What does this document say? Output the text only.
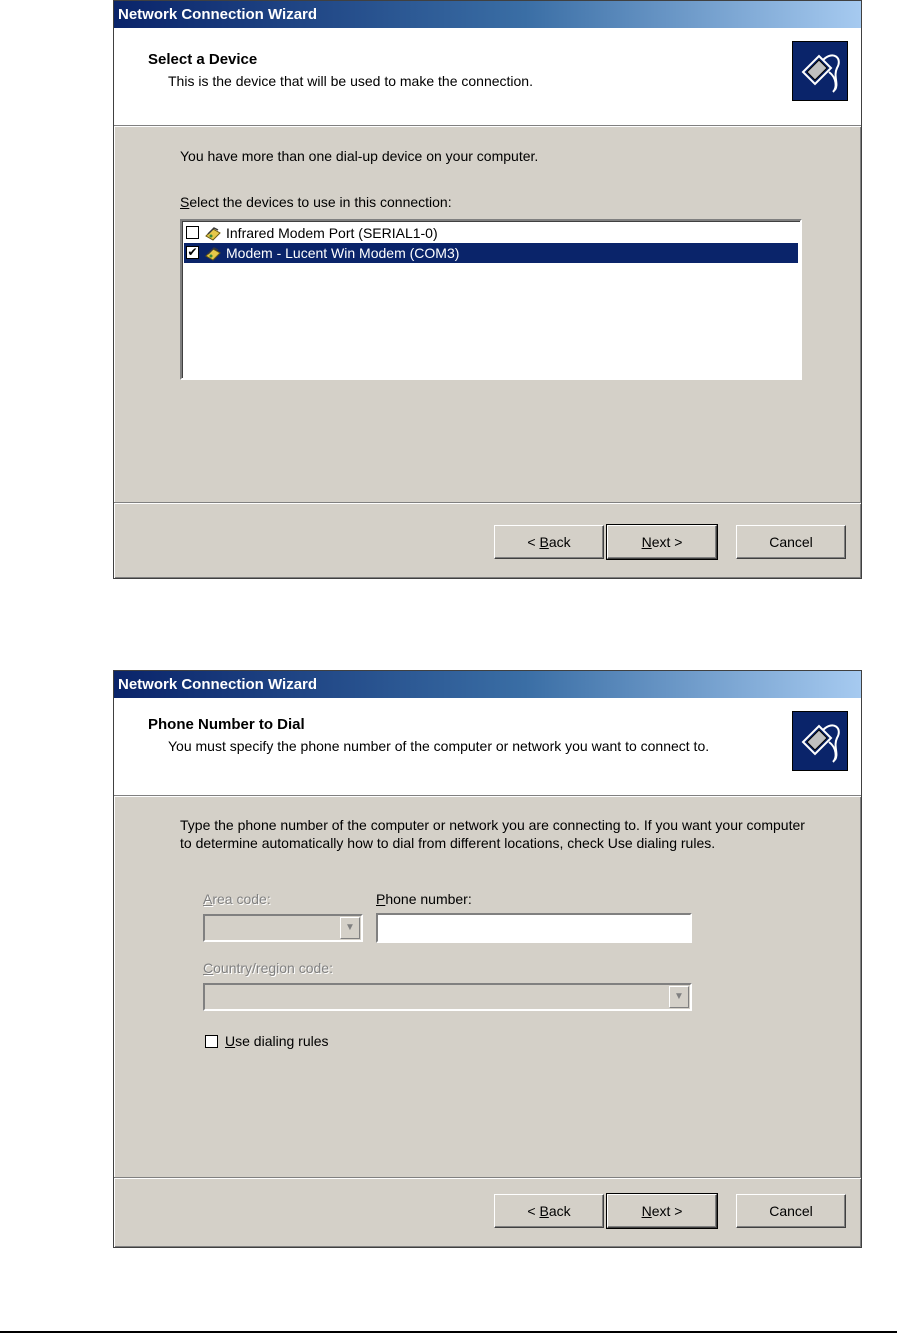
Network Connection Wizard
Select a Device
This is the device that will be used to make the connection.
You have more than one dial-up device on your computer.
Select the devices to use in this connection:
Infrared Modem Port (SERIAL1-0)
✔ Modem - Lucent Win Modem (COM3)
< Back	Next >	Cancel
Network Connection Wizard
Phone Number to Dial
You must specify the phone number of the computer or network you want to connect to.
Type the phone number of the computer or network you are connecting to. If you want your computer to determine automatically how to dial from different locations, check Use dialing rules.
Area code:
▼
Phone number:
Country/region code:
▼
Use dialing rules
< Back	Next >	Cancel
